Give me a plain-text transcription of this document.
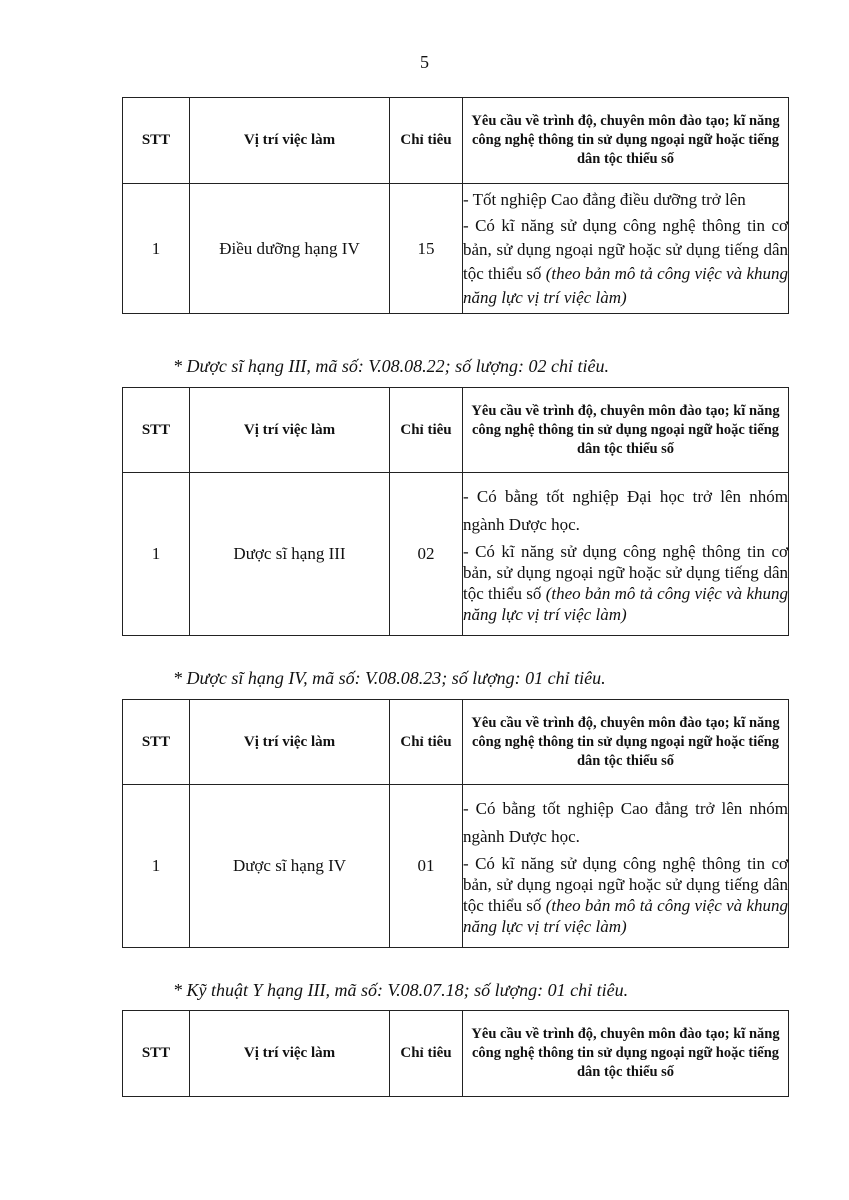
5
STT	Vị trí việc làm	Chỉ tiêu	Yêu cầu về trình độ, chuyên môn đào tạo; kĩ năng công nghệ thông tin sử dụng ngoại ngữ hoặc tiếng dân tộc thiểu số
1	Điều dưỡng hạng IV	15	- Tốt nghiệp Cao đẳng điều dưỡng trở lên

- Có kĩ năng sử dụng công nghệ thông tin cơ bản, sử dụng ngoại ngữ hoặc sử dụng tiếng dân tộc thiểu số (theo bản mô tả công việc và khung năng lực vị trí việc làm)

* Dược sĩ hạng III, mã số: V.08.08.22; số lượng: 02 chỉ tiêu.
STT	Vị trí việc làm	Chỉ tiêu	Yêu cầu về trình độ, chuyên môn đào tạo; kĩ năng công nghệ thông tin sử dụng ngoại ngữ hoặc tiếng dân tộc thiểu số
1	Dược sĩ hạng III	02	- Có bằng tốt nghiệp Đại học trở lên nhóm ngành Dược học.

- Có kĩ năng sử dụng công nghệ thông tin cơ bản, sử dụng ngoại ngữ hoặc sử dụng tiếng dân tộc thiểu số (theo bản mô tả công việc và khung năng lực vị trí việc làm)

* Dược sĩ hạng IV, mã số: V.08.08.23; số lượng: 01 chỉ tiêu.
STT	Vị trí việc làm	Chỉ tiêu	Yêu cầu về trình độ, chuyên môn đào tạo; kĩ năng công nghệ thông tin sử dụng ngoại ngữ hoặc tiếng dân tộc thiểu số
1	Dược sĩ hạng IV	01	- Có bằng tốt nghiệp Cao đẳng trở lên nhóm ngành Dược học.

- Có kĩ năng sử dụng công nghệ thông tin cơ bản, sử dụng ngoại ngữ hoặc sử dụng tiếng dân tộc thiểu số (theo bản mô tả công việc và khung năng lực vị trí việc làm)

* Kỹ thuật Y hạng III, mã số: V.08.07.18; số lượng: 01 chỉ tiêu.
STT	Vị trí việc làm	Chỉ tiêu	Yêu cầu về trình độ, chuyên môn đào tạo; kĩ năng công nghệ thông tin sử dụng ngoại ngữ hoặc tiếng dân tộc thiểu số
